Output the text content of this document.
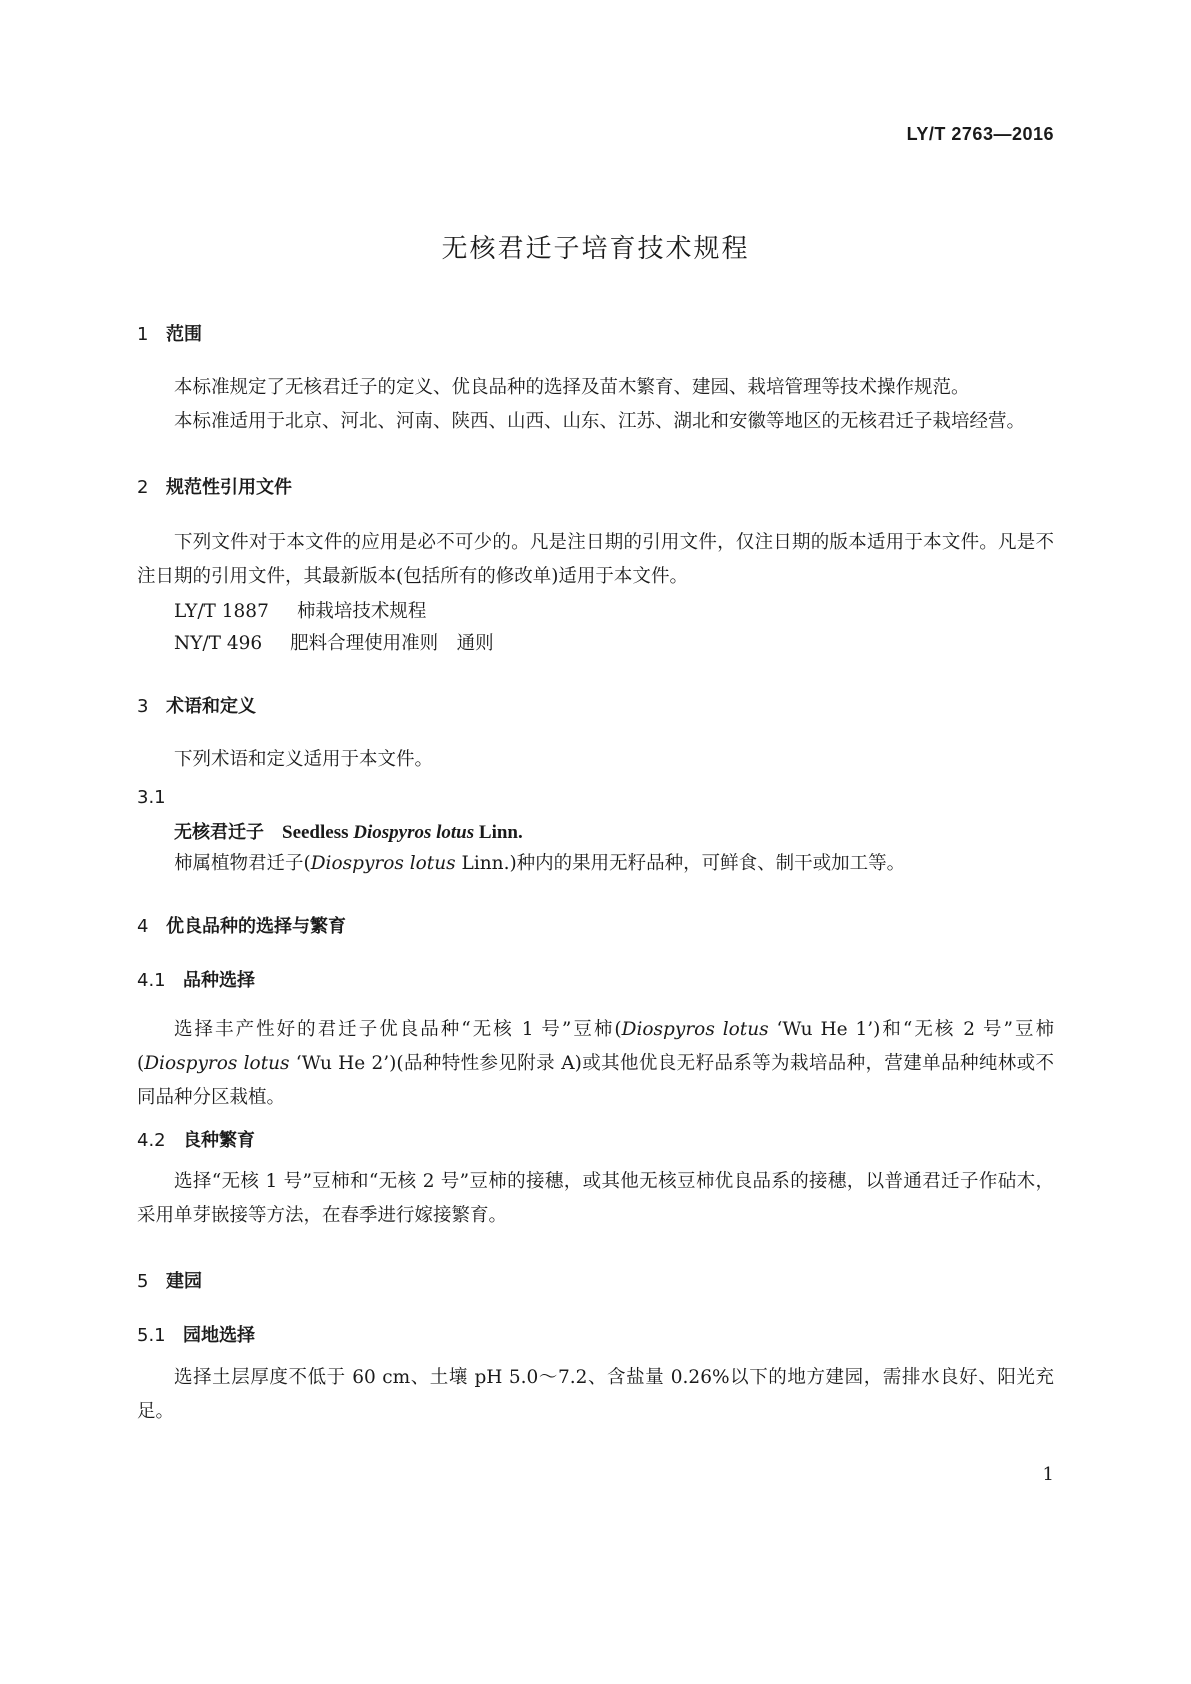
LY/T 2763—2016
无核君迁子培育技术规程
1 范围
本标准规定了无核君迁子的定义、优良品种的选择及苗木繁育、建园、栽培管理等技术操作规范。
本标准适用于北京、河北、河南、陕西、山西、山东、江苏、湖北和安徽等地区的无核君迁子栽培经营。
2 规范性引用文件
下列文件对于本文件的应用是必不可少的。凡是注日期的引用文件，仅注日期的版本适用于本文件。凡是不注日期的引用文件，其最新版本(包括所有的修改单)适用于本文件。
LY/T 1887 柿栽培技术规程
NY/T 496 肥料合理使用准则　通则
3 术语和定义
下列术语和定义适用于本文件。
3.1
无核君迁子 Seedless Diospyros lotus Linn.
柿属植物君迁子(Diospyros lotus Linn.)种内的果用无籽品种，可鲜食、制干或加工等。
4 优良品种的选择与繁育
4.1 品种选择
选择丰产性好的君迁子优良品种“无核 1 号”豆柿(Diospyros lotus ‘Wu He 1’)和“无核 2 号”豆柿(Diospyros lotus ‘Wu He 2’)(品种特性参见附录 A)或其他优良无籽品系等为栽培品种，营建单品种纯林或不同品种分区栽植。
4.2 良种繁育
选择“无核 1 号”豆柿和“无核 2 号”豆柿的接穗，或其他无核豆柿优良品系的接穗，以普通君迁子作砧木，采用单芽嵌接等方法，在春季进行嫁接繁育。
5 建园
5.1 园地选择
选择土层厚度不低于 60 cm、土壤 pH 5.0～7.2、含盐量 0.26%以下的地方建园，需排水良好、阳光充足。
1
